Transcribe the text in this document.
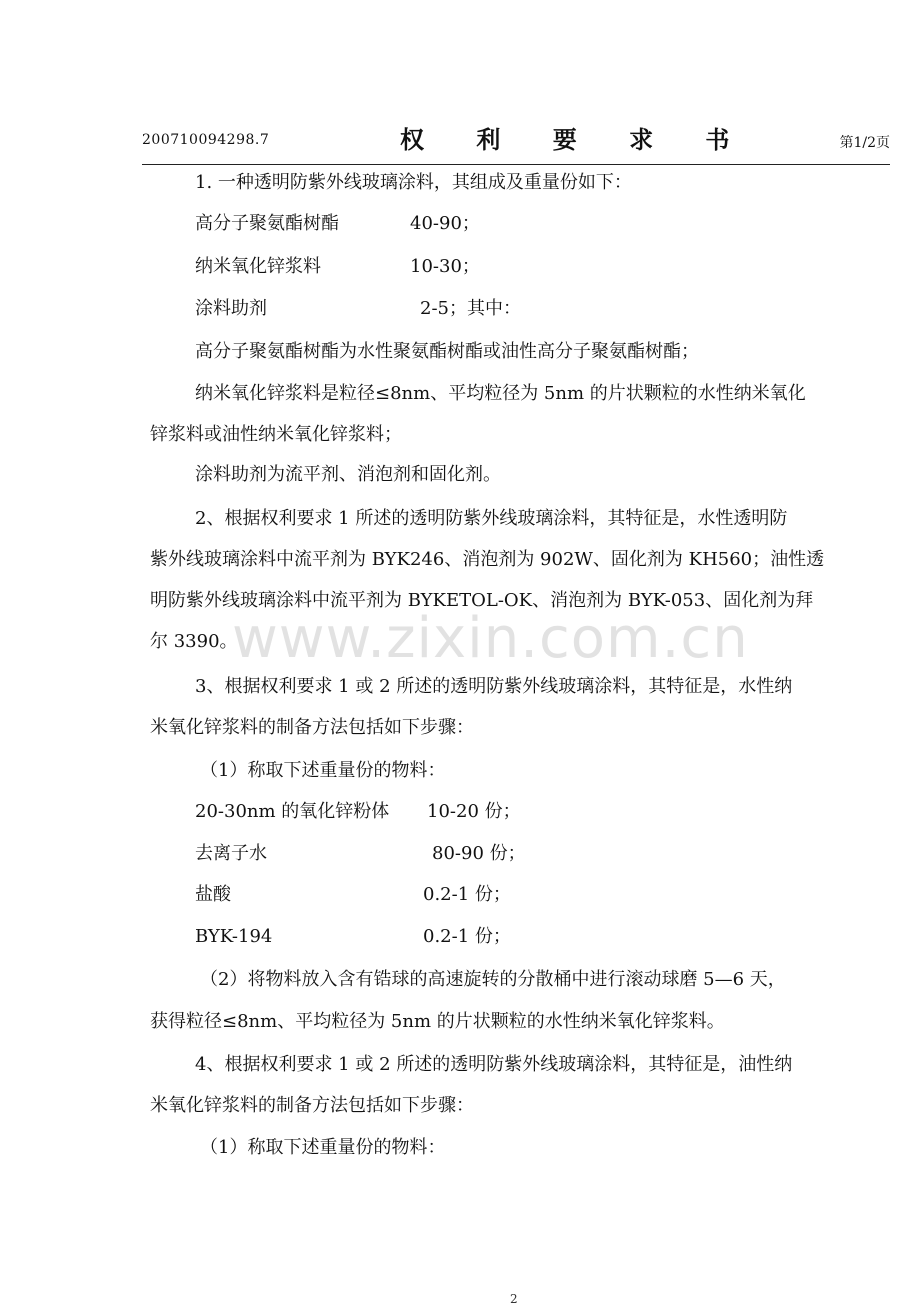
200710094298.7	权 利 要 求 书	第1/2页
1. 一种透明防紫外线玻璃涂料，其组成及重量份如下：
高分子聚氨酯树酯	40-90；
纳米氧化锌浆料	10-30；
涂料助剂	2-5；其中：
高分子聚氨酯树酯为水性聚氨酯树酯或油性高分子聚氨酯树酯；
纳米氧化锌浆料是粒径≤8nm、平均粒径为 5nm 的片状颗粒的水性纳米氧化
锌浆料或油性纳米氧化锌浆料；
涂料助剂为流平剂、消泡剂和固化剂。
2、根据权利要求 1 所述的透明防紫外线玻璃涂料，其特征是，水性透明防
紫外线玻璃涂料中流平剂为 BYK246、消泡剂为 902W、固化剂为 KH560；油性透
明防紫外线玻璃涂料中流平剂为 BYKETOL-OK、消泡剂为 BYK-053、固化剂为拜
尔 3390。
3、根据权利要求 1 或 2 所述的透明防紫外线玻璃涂料，其特征是，水性纳
米氧化锌浆料的制备方法包括如下步骤：
（1）称取下述重量份的物料：
20-30nm 的氧化锌粉体 10-20 份；
去离子水	80-90 份；
盐酸	0.2-1 份；
BYK-194	0.2-1 份；
（2）将物料放入含有锆球的高速旋转的分散桶中进行滚动球磨 5—6 天，
获得粒径≤8nm、平均粒径为 5nm 的片状颗粒的水性纳米氧化锌浆料。
4、根据权利要求 1 或 2 所述的透明防紫外线玻璃涂料，其特征是，油性纳
米氧化锌浆料的制备方法包括如下步骤：
（1）称取下述重量份的物料：
www.zixin.com.cn
2
